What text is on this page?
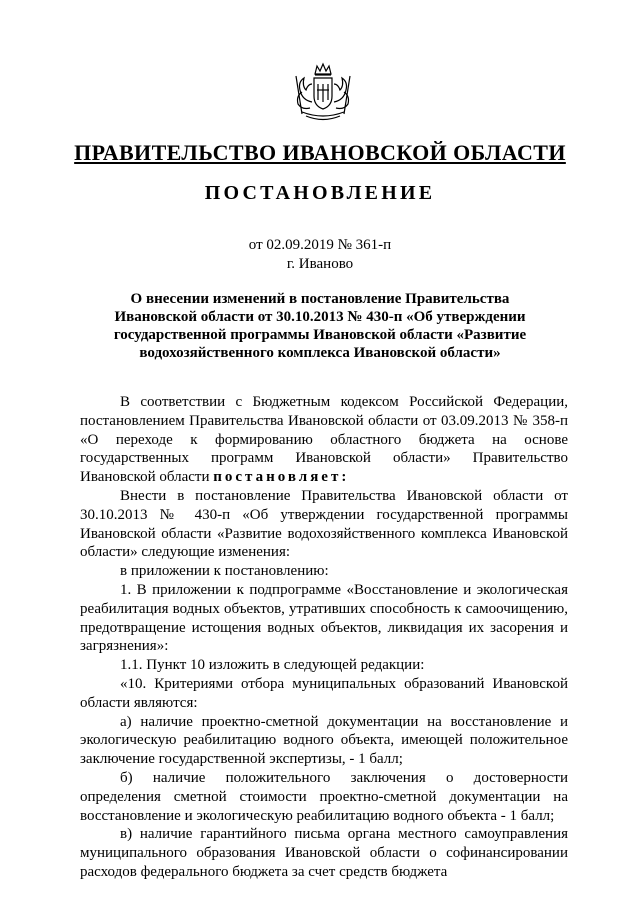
ПРАВИТЕЛЬСТВО ИВАНОВСКОЙ ОБЛАСТИ
ПОСТАНОВЛЕНИЕ
от 02.09.2019 № 361-п
г. Иваново
О внесении изменений в постановление Правительства Ивановской области от 30.10.2013 № 430-п «Об утверждении государственной программы Ивановской области «Развитие водохозяйственного комплекса Ивановской области»

В соответствии с Бюджетным кодексом Российской Федерации, постановлением Правительства Ивановской области от 03.09.2013 № 358-п «О переходе к формированию областного бюджета на основе государственных программ Ивановской области» Правительство Ивановской области постановляет:

Внести в постановление Правительства Ивановской области от 30.10.2013 № 430-п «Об утверждении государственной программы Ивановской области «Развитие водохозяйственного комплекса Ивановской области» следующие изменения:

в приложении к постановлению:

1. В приложении к подпрограмме «Восстановление и экологическая реабилитация водных объектов, утративших способность к самоочищению, предотвращение истощения водных объектов, ликвидация их засорения и загрязнения»:

1.1. Пункт 10 изложить в следующей редакции:

«10. Критериями отбора муниципальных образований Ивановской области являются:

а) наличие проектно-сметной документации на восстановление и экологическую реабилитацию водного объекта, имеющей положительное заключение государственной экспертизы, - 1 балл;

б) наличие положительного заключения о достоверности определения сметной стоимости проектно-сметной документации на восстановление и экологическую реабилитацию водного объекта - 1 балл;

в) наличие гарантийного письма органа местного самоуправления муниципального образования Ивановской области о софинансировании расходов федерального бюджета за счет средств бюджета
